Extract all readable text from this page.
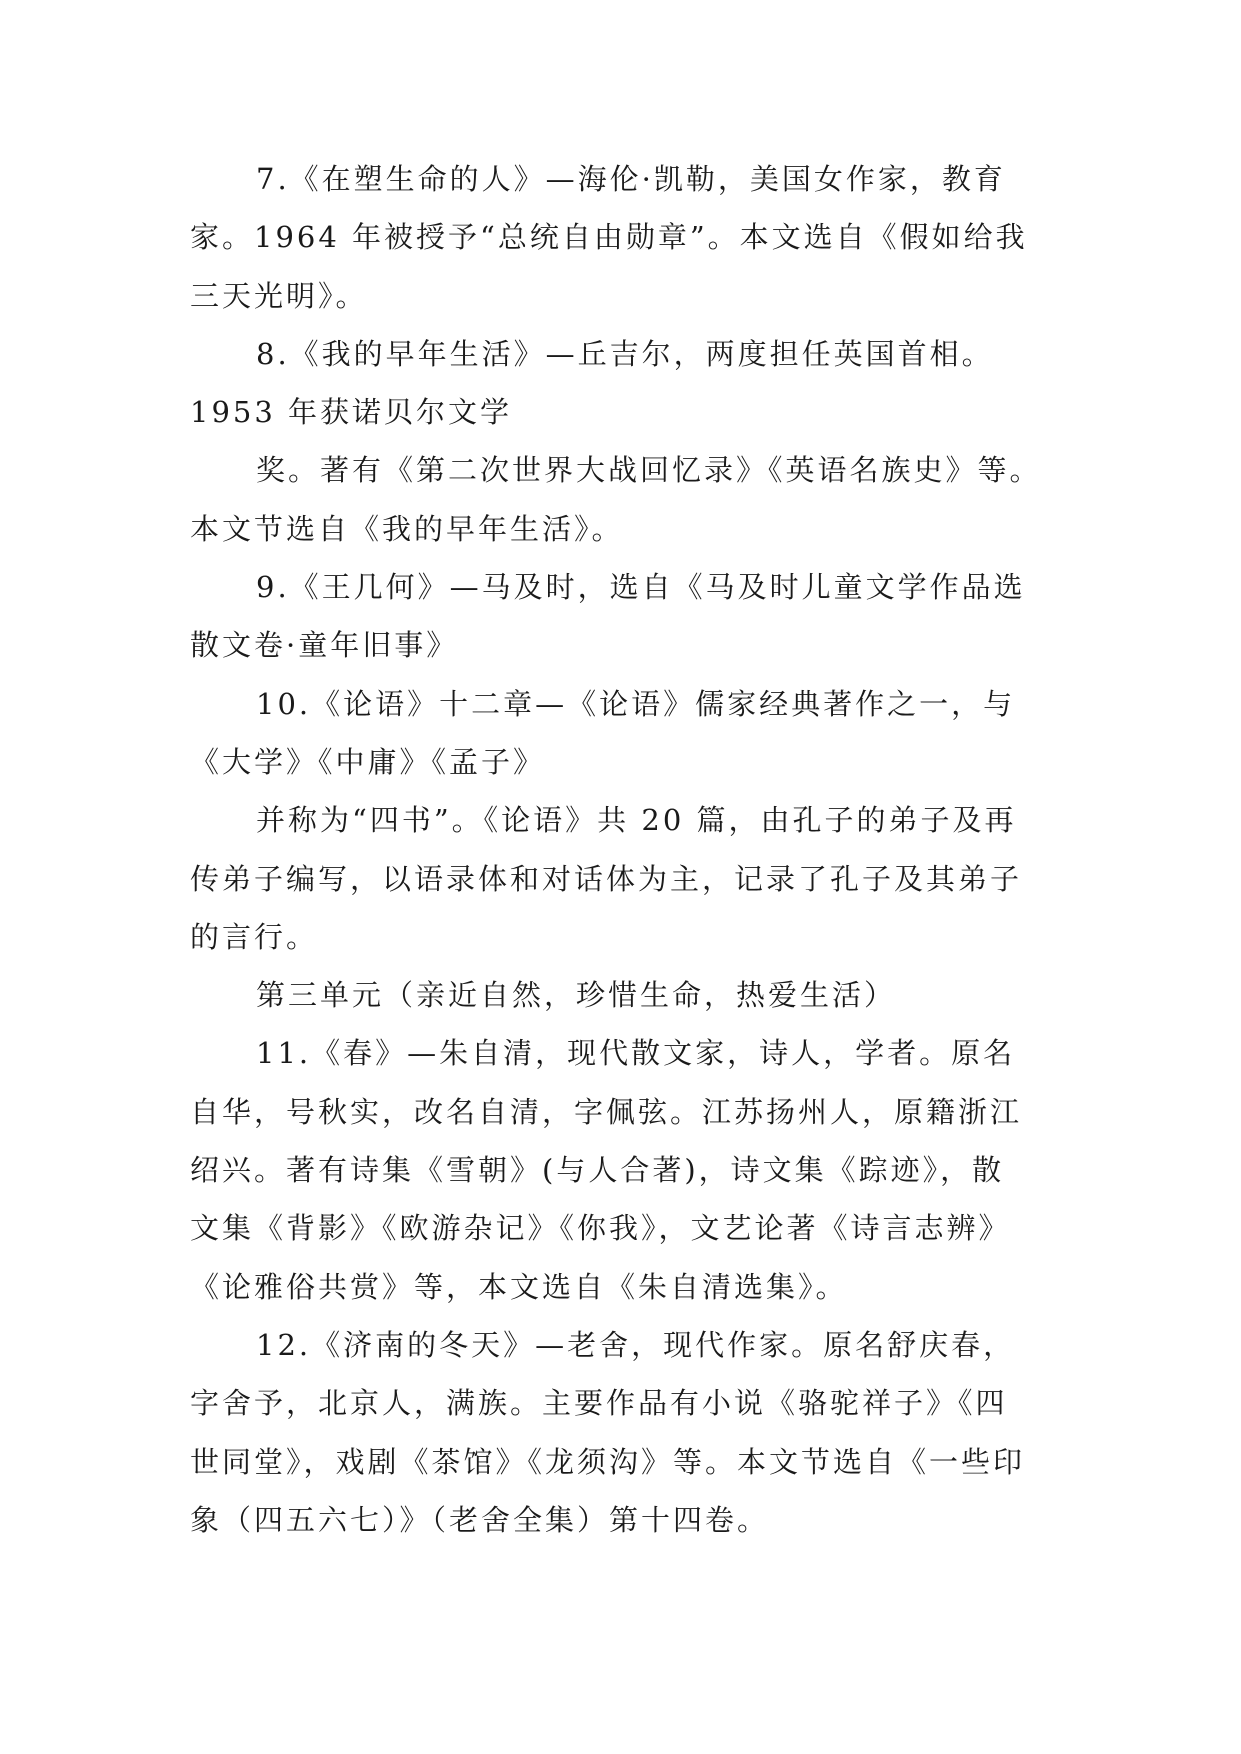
7.《在塑生命的人》—海伦·凯勒，美国女作家，教育
家。1964 年被授予“总统自由勋章”。本文选自《假如给我
三天光明》。
8.《我的早年生活》—丘吉尔，两度担任英国首相。
1953 年获诺贝尔文学
奖。著有《第二次世界大战回忆录》《英语名族史》等。
本文节选自《我的早年生活》。
9.《王几何》—马及时，选自《马及时儿童文学作品选
散文卷·童年旧事》
10.《论语》十二章—《论语》儒家经典著作之一，与
《大学》《中庸》《孟子》
并称为“四书”。《论语》共 20 篇，由孔子的弟子及再
传弟子编写，以语录体和对话体为主，记录了孔子及其弟子
的言行。
第三单元（亲近自然，珍惜生命，热爱生活）
11.《春》—朱自清，现代散文家，诗人，学者。原名
自华，号秋实，改名自清，字佩弦。江苏扬州人，原籍浙江
绍兴。著有诗集《雪朝》(与人合著)，诗文集《踪迹》，散
文集《背影》《欧游杂记》《你我》，文艺论著《诗言志辨》
《论雅俗共赏》等，本文选自《朱自清选集》。
12.《济南的冬天》—老舍，现代作家。原名舒庆春，
字舍予，北京人，满族。主要作品有小说《骆驼祥子》《四
世同堂》，戏剧《茶馆》《龙须沟》等。本文节选自《一些印
象（四五六七）》（老舍全集）第十四卷。
